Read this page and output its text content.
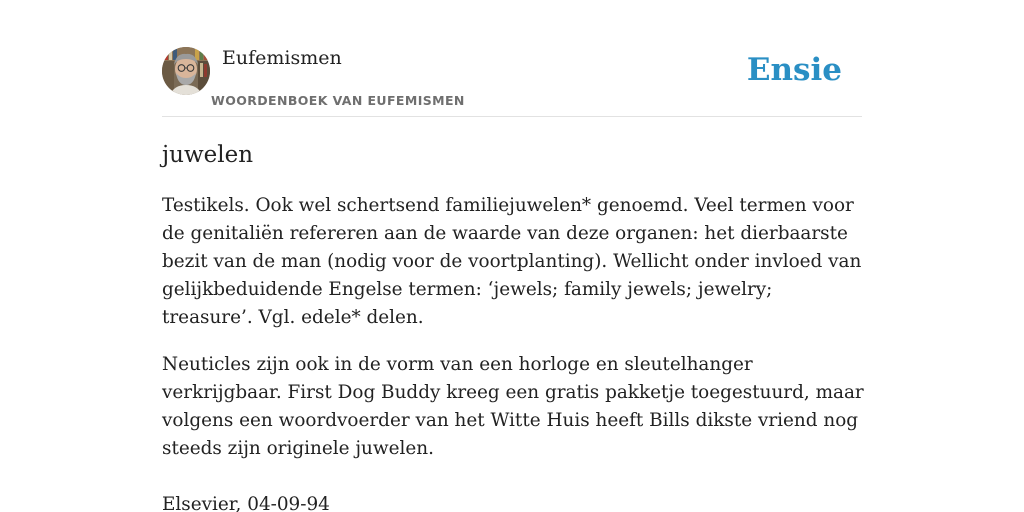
Eufemismen
WOORDENBOEK VAN EUFEMISMEN
Ensie
juwelen

Testikels. Ook wel schertsend familiejuwelen* genoemd. Veel termen voor de genitaliën refereren aan de waarde van deze organen: het dierbaarste bezit van de man (nodig voor de voortplanting). Wellicht onder invloed van gelijkbeduidende Engelse termen: ‘jewels; family jewels; jewelry; treasure’. Vgl. edele* delen.

Neuticles zijn ook in de vorm van een horloge en sleutelhanger verkrijgbaar. First Dog Buddy kreeg een gratis pakketje toegestuurd, maar volgens een woordvoerder van het Witte Huis heeft Bills dikste vriend nog steeds zijn originele juwelen.

Elsevier, 04-09-94
